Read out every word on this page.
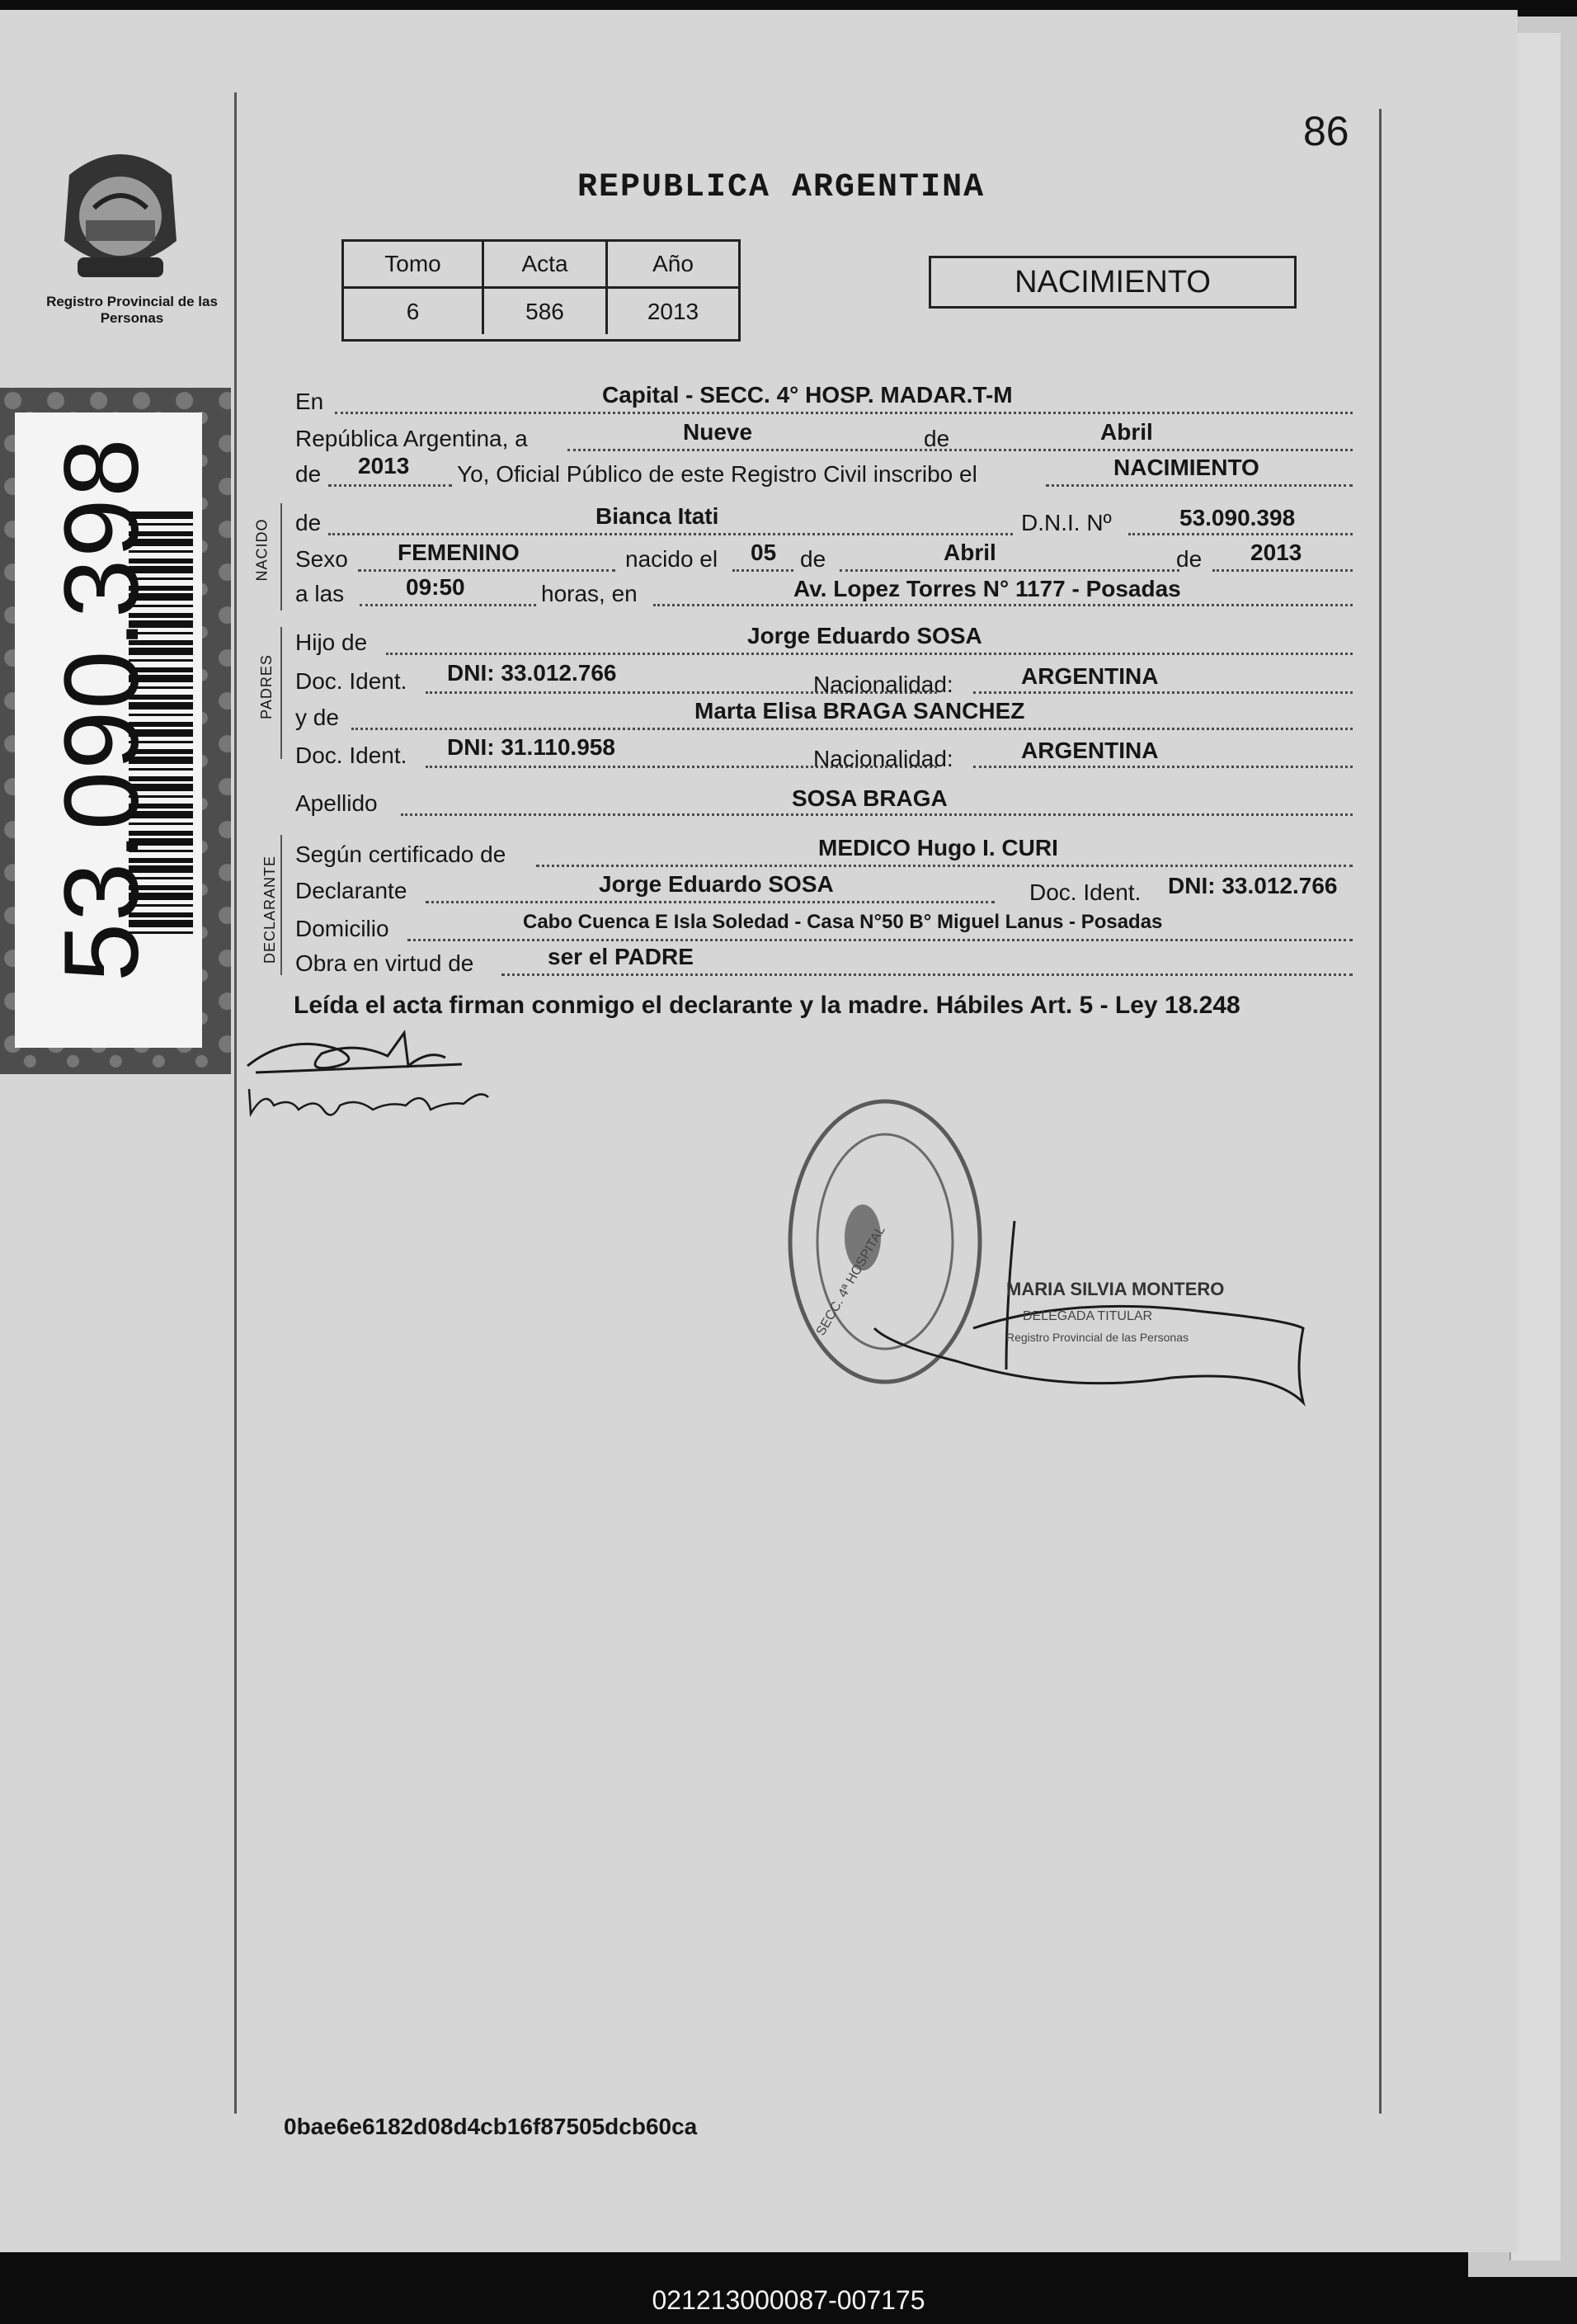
86
REPUBLICA ARGENTINA
Tomo	Acta	Año
6	586	2013
NACIMIENTO
Registro Provincial de las Personas
53.090.398	NACIDO
PADRES
DECLARANTE
En	Capital - SECC. 4° HOSP. MADAR.T-M
República Argentina, a	Nueve	de	Abril
de 2013 Yo, Oficial Público de este Registro Civil inscribo el	NACIMIENTO
de	Bianca Itati	D.N.I. Nº	53.090.398
Sexo FEMENINO	nacido el 05 de	Abril	de 2013
a las	09:50	horas, en	Av. Lopez Torres N° 1177 - Posadas
Hijo de	Jorge Eduardo SOSA
Doc. Ident. DNI: 33.012.766	Nacionalidad:	ARGENTINA
y de	Marta Elisa BRAGA SANCHEZ
Doc. Ident. DNI: 31.110.958	Nacionalidad:	ARGENTINA
Apellido	SOSA BRAGA
Según certificado de	MEDICO Hugo I. CURI
Declarante	Jorge Eduardo SOSA	Doc. Ident. DNI: 33.012.766
Domicilio	Cabo Cuenca E Isla Soledad - Casa N°50 B° Miguel Lanus - Posadas
Obra en virtud de	ser el PADRE
Leída el acta firman conmigo el declarante y la madre. Hábiles Art. 5 - Ley 18.248
SECC. 4ª HOSPITAL	MARIA SILVIA MONTERO
DELEGADA TITULAR
Registro Provincial de las Personas
0bae6e6182d08d4cb16f87505dcb60ca
021213000087-007175
